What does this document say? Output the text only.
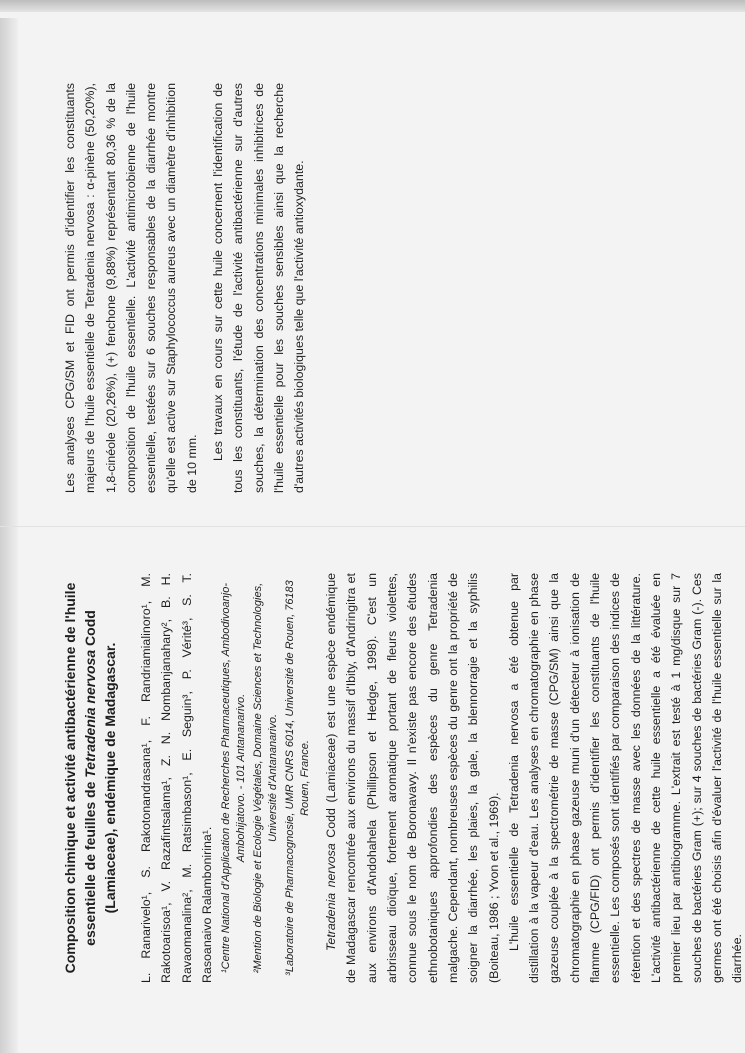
Composition chimique et activité antibactérienne de l'huile essentielle de feuilles de Tetradenia nervosa Codd (Lamiaceae), endémique de Madagascar. L. Ranarivelo¹, S. Rakotonandrasana¹, F. Randriamialinoro¹, M. Rakotoarisoa¹, V. Razafintsalama¹, Z. N. Nombanjanahary², B. H. Ravaomanalina², M. Ratsimbason¹, E. Seguin³, P. Vérité³, S. T. Rasoanaivo Ralambonirina¹. ¹Centre National d'Application de Recherches Pharmaceutiques, Ambodivoanjo-Ambohijatovo. - 101 Antananarivo. ²Mention de Biologie et Ecologie Végétales, Domaine Sciences et Technologies, Université d'Antananarivo. ³Laboratoire de Pharmacognosie, UMR CNRS 6014, Université de Rouen, 76183 Rouen, France.

Tetradenia nervosa Codd (Lamiaceae) est une espèce endémique de Madagascar rencontrée aux environs du massif d'Ibity, d'Andringitra et aux environs d'Andohahela (Phillipson et Hedge, 1998). C'est un arbrisseau dioïque, fortement aromatique portant de fleurs violettes, connue sous le nom de Boronavavy. Il n'existe pas encore des études ethnobotaniques approfondies des espèces du genre Tetradenia malgache. Cependant, nombreuses espèces du genre ont la propriété de soigner la diarrhée, les plaies, la gale, la blennorragie et la syphilis (Boiteau, 1986 ; Yvon et al., 1969). L'huile essentielle de Tetradenia nervosa a été obtenue par distillation à la vapeur d'eau. Les analyses en chromatographie en phase gazeuse couplée à la spectrométrie de masse (CPG/SM) ainsi que la chromatographie en phase gazeuse muni d'un détecteur à ionisation de flamme (CPG/FID) ont permis d'identifier les constituants de l'huile essentielle. Les composés sont identifiés par comparaison des indices de rétention et des spectres de masse avec les données de la littérature. L'activité antibactérienne de cette huile essentielle a été évaluée en premier lieu par antibiogramme. L'extrait est testé à 1 mg/disque sur 7 souches de bactéries Gram (+); sur 4 souches de bactéries Gram (-). Ces germes ont été choisis afin d'évaluer l'activité de l'huile essentielle sur la diarrhée.

Les analyses CPG/SM et FID ont permis d'identifier les constituants majeurs de l'huile essentielle de Tetradenia nervosa : α-pinène (50,20%), 1,8-cinéole (20,26%), (+) fenchone (9,88%) représentant 80,36 % de la composition de l'huile essentielle. L'activité antimicrobienne de l'huile essentielle, testées sur 6 souches responsables de la diarrhée montre qu'elle est active sur Staphylococcus aureus avec un diamètre d'inhibition de 10 mm.

Les travaux en cours sur cette huile concernent l'identification de tous les constituants, l'étude de l'activité antibactérienne sur d'autres souches, la détermination des concentrations minimales inhibitrices de l'huile essentielle pour les souches sensibles ainsi que la recherche d'autres activités biologiques telle que l'activité antioxydante.
